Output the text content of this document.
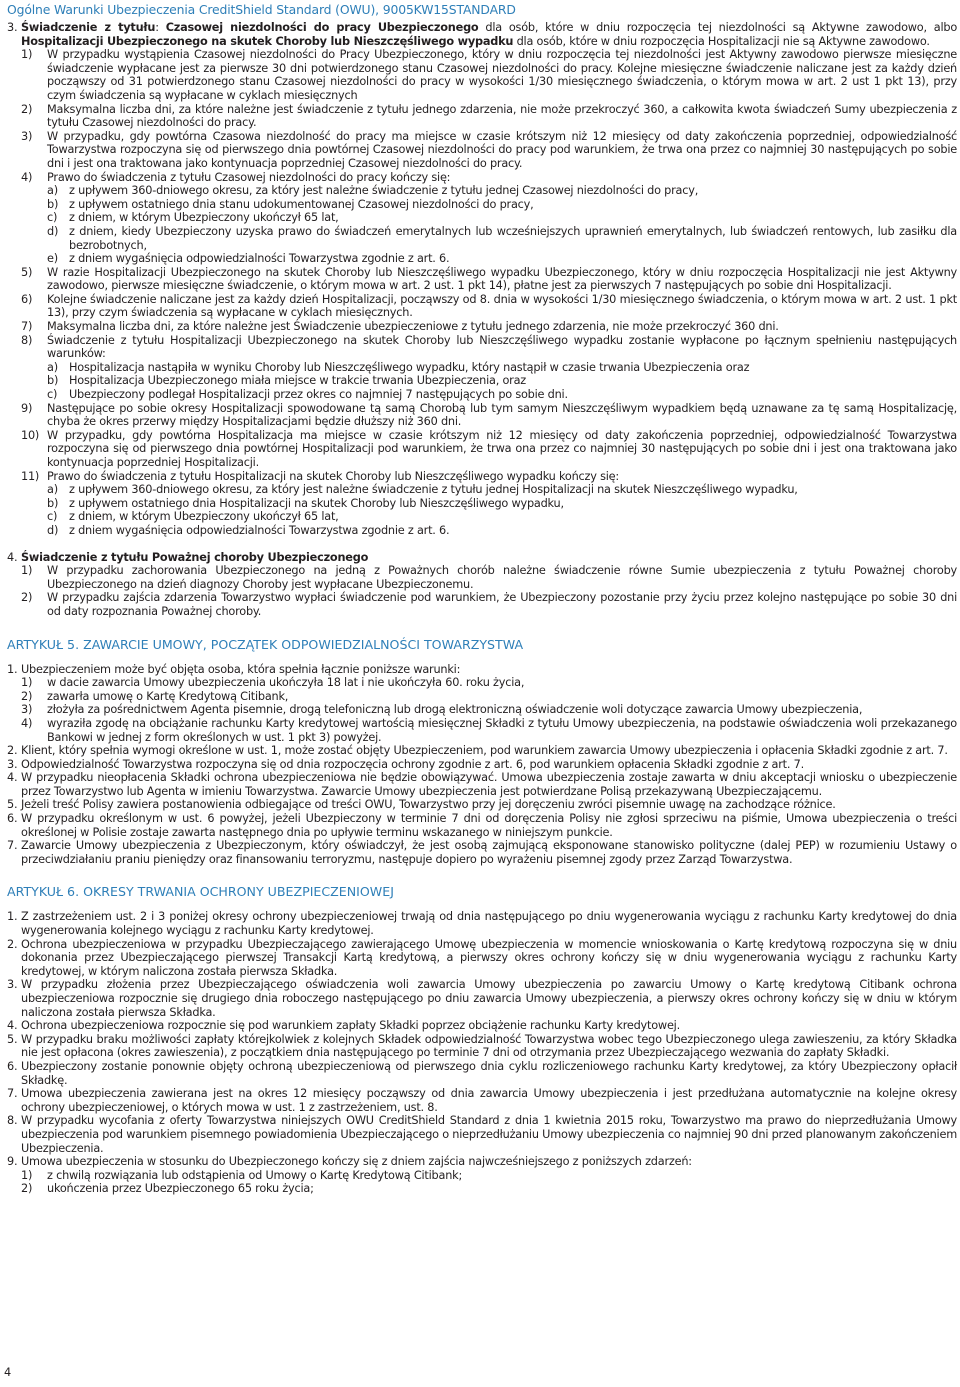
Ogólne Warunki Ubezpieczenia CreditShield Standard (OWU), 9005KW15STANDARD
3. Świadczenie z tytułu: Czasowej niezdolności do pracy Ubezpieczonego dla osób, które w dniu rozpoczęcia tej niezdolności są Aktywne zawodowo, albo Hospitalizacji Ubezpieczonego na skutek Choroby lub Nieszczęśliwego wypadku dla osób, które w dniu rozpoczęcia Hospitalizacji nie są Aktywne zawodowo.
1)	W przypadku wystąpienia Czasowej niezdolności do Pracy Ubezpieczonego, który w dniu rozpoczęcia tej niezdolności jest Aktywny zawodowo pierwsze miesięczne świadczenie wypłacane jest za pierwsze 30 dni potwierdzonego stanu Czasowej niezdolności do pracy. Kolejne miesięczne świadczenie naliczane jest za każdy dzień począwszy od 31 potwierdzonego stanu Czasowej niezdolności do pracy w wysokości 1/30 miesięcznego świadczenia, o którym mowa w art. 2 ust 1 pkt 13), przy czym świadczenia są wypłacane w cyklach miesięcznych
2)	Maksymalna liczba dni, za które należne jest świadczenie z tytułu jednego zdarzenia, nie może przekroczyć 360, a całkowita kwota świadczeń Sumy ubezpieczenia z tytułu Czasowej niezdolności do pracy.
3)	W przypadku, gdy powtórna Czasowa niezdolność do pracy ma miejsce w czasie krótszym niż 12 miesięcy od daty zakończenia poprzedniej, odpowiedzialność Towarzystwa rozpoczyna się od pierwszego dnia powtórnej Czasowej niezdolności do pracy pod warunkiem, że trwa ona przez co najmniej 30 następujących po sobie dni i jest ona traktowana jako kontynuacja poprzedniej Czasowej niezdolności do pracy.
4)	Prawo do świadczenia z tytułu Czasowej niezdolności do pracy kończy się:
a) z upływem 360-dniowego okresu, za który jest należne świadczenie z tytułu jednej Czasowej niezdolności do pracy,
b) z upływem ostatniego dnia stanu udokumentowanej Czasowej niezdolności do pracy,
c)	z dniem, w którym Ubezpieczony ukończył 65 lat,
d) z dniem, kiedy Ubezpieczony uzyska prawo do świadczeń emerytalnych lub wcześniejszych uprawnień emerytalnych, lub świadczeń rentowych, lub zasiłku dla bezrobotnych,
e) z dniem wygaśnięcia odpowiedzialności Towarzystwa zgodnie z art. 6.
5)	W razie Hospitalizacji Ubezpieczonego na skutek Choroby lub Nieszczęśliwego wypadku Ubezpieczonego, który w dniu rozpoczęcia Hospitalizacji nie jest Aktywny zawodowo, pierwsze miesięczne świadczenie, o którym mowa w art. 2 ust. 1 pkt 14), płatne jest za pierwszych 7 następujących po sobie dni Hospitalizacji.
6)	Kolejne świadczenie naliczane jest za każdy dzień Hospitalizacji, począwszy od 8. dnia w wysokości 1/30 miesięcznego świadczenia, o którym mowa w art. 2 ust. 1 pkt 13), przy czym świadczenia są wypłacane w cyklach miesięcznych.
7)	Maksymalna liczba dni, za które należne jest Świadczenie ubezpieczeniowe z tytułu jednego zdarzenia, nie może przekroczyć 360 dni.
8)	Świadczenie z tytułu Hospitalizacji Ubezpieczonego na skutek Choroby lub Nieszczęśliwego wypadku zostanie wypłacone po łącznym spełnieniu następujących warunków:
a) Hospitalizacja nastąpiła w wyniku Choroby lub Nieszczęśliwego wypadku, który nastąpił w czasie trwania Ubezpieczenia oraz
b) Hospitalizacja Ubezpieczonego miała miejsce w trakcie trwania Ubezpieczenia, oraz
c)	Ubezpieczony podlegał Hospitalizacji przez okres co najmniej 7 następujących po sobie dni.
9)	Następujące po sobie okresy Hospitalizacji spowodowane tą samą Chorobą lub tym samym Nieszczęśliwym wypadkiem będą uznawane za tę samą Hospitalizację, chyba że okres przerwy między Hospitalizacjami będzie dłuższy niż 360 dni.
10) W przypadku, gdy powtórna Hospitalizacja ma miejsce w czasie krótszym niż 12 miesięcy od daty zakończenia poprzedniej, odpowiedzialność Towarzystwa rozpoczyna się od pierwszego dnia powtórnej Hospitalizacji pod warunkiem, że trwa ona przez co najmniej 30 następujących po sobie dni i jest ona traktowana jako kontynuacja poprzedniej Hospitalizacji.
11) Prawo do świadczenia z tytułu Hospitalizacji na skutek Choroby lub Nieszczęśliwego wypadku kończy się:
a) z upływem 360-dniowego okresu, za który jest należne świadczenie z tytułu jednej Hospitalizacji na skutek Nieszczęśliwego wypadku,
b) z upływem ostatniego dnia Hospitalizacji na skutek Choroby lub Nieszczęśliwego wypadku,
c)	z dniem, w którym Ubezpieczony ukończył 65 lat,
d) z dniem wygaśnięcia odpowiedzialności Towarzystwa zgodnie z art. 6.
4. Świadczenie z tytułu Poważnej choroby Ubezpieczonego
1)	W przypadku zachorowania Ubezpieczonego na jedną z Poważnych chorób należne świadczenie równe Sumie ubezpieczenia z tytułu Poważnej choroby Ubezpieczonego na dzień diagnozy Choroby jest wypłacane Ubezpieczonemu.
2)	W przypadku zajścia zdarzenia Towarzystwo wypłaci świadczenie pod warunkiem, że Ubezpieczony pozostanie przy życiu przez kolejno następujące po sobie 30 dni od daty rozpoznania Poważnej choroby.
ARTYKUŁ 5. ZAWARCIE UMOWY, POCZĄTEK ODPOWIEDZIALNOŚCI TOWARZYSTWA
1. Ubezpieczeniem może być objęta osoba, która spełnia łącznie poniższe warunki:
1)	w dacie zawarcia Umowy ubezpieczenia ukończyła 18 lat i nie ukończyła 60. roku życia,
2)	zawarła umowę o Kartę Kredytową Citibank,
3)	złożyła za pośrednictwem Agenta pisemnie, drogą telefoniczną lub drogą elektroniczną oświadczenie woli dotyczące zawarcia Umowy ubezpieczenia,
4)	wyraziła zgodę na obciążanie rachunku Karty kredytowej wartością miesięcznej Składki z tytułu Umowy ubezpieczenia, na podstawie oświadczenia woli przekazanego Bankowi w jednej z form określonych w ust. 1 pkt 3) powyżej.
2. Klient, który spełnia wymogi określone w ust. 1, może zostać objęty Ubezpieczeniem, pod warunkiem zawarcia Umowy ubezpieczenia i opłacenia Składki zgodnie z art. 7.
3. Odpowiedzialność Towarzystwa rozpoczyna się od dnia rozpoczęcia ochrony zgodnie z art. 6, pod warunkiem opłacenia Składki zgodnie z art. 7.
4. W przypadku nieopłacenia Składki ochrona ubezpieczeniowa nie będzie obowiązywać. Umowa ubezpieczenia zostaje zawarta w dniu akceptacji wniosku o ubezpieczenie przez Towarzystwo lub Agenta w imieniu Towarzystwa. Zawarcie Umowy ubezpieczenia jest potwierdzane Polisą przekazywaną Ubezpieczającemu.
5. Jeżeli treść Polisy zawiera postanowienia odbiegające od treści OWU, Towarzystwo przy jej doręczeniu zwróci pisemnie uwagę na zachodzące różnice.
6. W przypadku określonym w ust. 6 powyżej, jeżeli Ubezpieczony w terminie 7 dni od doręczenia Polisy nie zgłosi sprzeciwu na piśmie, Umowa ubezpieczenia o treści określonej w Polisie zostaje zawarta następnego dnia po upływie terminu wskazanego w niniejszym punkcie.
7. Zawarcie Umowy ubezpieczenia z Ubezpieczonym, który oświadczył, że jest osobą zajmującą eksponowane stanowisko polityczne (dalej PEP) w rozumieniu Ustawy o przeciwdziałaniu praniu pieniędzy oraz finansowaniu terroryzmu, następuje dopiero po wyrażeniu pisemnej zgody przez Zarząd Towarzystwa.
ARTYKUŁ 6. OKRESY TRWANIA OCHRONY UBEZPIECZENIOWEJ
1. Z zastrzeżeniem ust. 2 i 3 poniżej okresy ochrony ubezpieczeniowej trwają od dnia następującego po dniu wygenerowania wyciągu z rachunku Karty kredytowej do dnia wygenerowania kolejnego wyciągu z rachunku Karty kredytowej.
2. Ochrona ubezpieczeniowa w przypadku Ubezpieczającego zawierającego Umowę ubezpieczenia w momencie wnioskowania o Kartę kredytową rozpoczyna się w dniu dokonania przez Ubezpieczającego pierwszej Transakcji Kartą kredytową, a pierwszy okres ochrony kończy się w dniu wygenerowania wyciągu z rachunku Karty kredytowej, w którym naliczona została pierwsza Składka.
3. W przypadku złożenia przez Ubezpieczającego oświadczenia woli zawarcia Umowy ubezpieczenia po zawarciu Umowy o Kartę kredytową Citibank ochrona ubezpieczeniowa rozpocznie się drugiego dnia roboczego następującego po dniu zawarcia Umowy ubezpieczenia, a pierwszy okres ochrony kończy się w dniu w którym naliczona została pierwsza Składka.
4. Ochrona ubezpieczeniowa rozpocznie się pod warunkiem zapłaty Składki poprzez obciążenie rachunku Karty kredytowej.
5. W przypadku braku możliwości zapłaty którejkolwiek z kolejnych Składek odpowiedzialność Towarzystwa wobec tego Ubezpieczonego ulega zawieszeniu, za który Składka nie jest opłacona (okres zawieszenia), z początkiem dnia następującego po terminie 7 dni od otrzymania przez Ubezpieczającego wezwania do zapłaty Składki.
6. Ubezpieczony zostanie ponownie objęty ochroną ubezpieczeniową od pierwszego dnia cyklu rozliczeniowego rachunku Karty kredytowej, za który Ubezpieczony opłacił Składkę.
7. Umowa ubezpieczenia zawierana jest na okres 12 miesięcy począwszy od dnia zawarcia Umowy ubezpieczenia i jest przedłużana automatycznie na kolejne okresy ochrony ubezpieczeniowej, o których mowa w ust. 1 z zastrzeżeniem, ust. 8.
8. W przypadku wycofania z oferty Towarzystwa niniejszych OWU CreditShield Standard z dnia 1 kwietnia 2015 roku, Towarzystwo ma prawo do nieprzedłużania Umowy ubezpieczenia pod warunkiem pisemnego powiadomienia Ubezpieczającego o nieprzedłużaniu Umowy ubezpieczenia co najmniej 90 dni przed planowanym zakończeniem Ubezpieczenia.
9. Umowa ubezpieczenia w stosunku do Ubezpieczonego kończy się z dniem zajścia najwcześniejszego z poniższych zdarzeń:
1)	z chwilą rozwiązania lub odstąpienia od Umowy o Kartę Kredytową Citibank;
2)	ukończenia przez Ubezpieczonego 65 roku życia;
4
